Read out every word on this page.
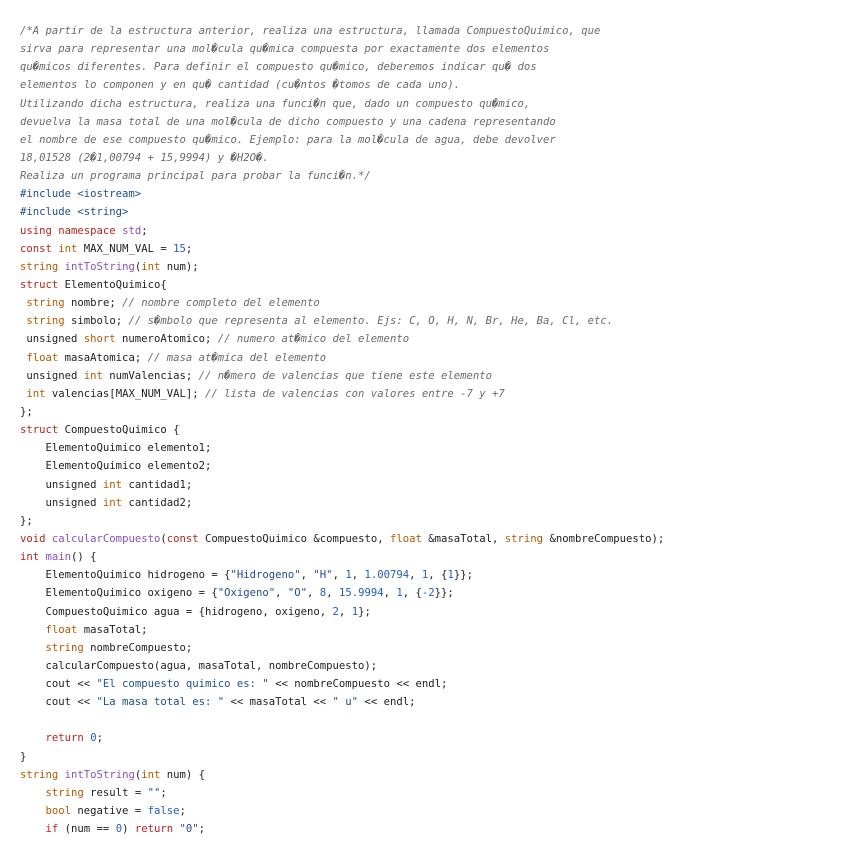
/*A partir de la estructura anterior, realiza una estructura, llamada CompuestoQuimico, que
sirva para representar una mol�cula qu�mica compuesta por exactamente dos elementos
qu�micos diferentes. Para definir el compuesto qu�mico, deberemos indicar qu� dos
elementos lo componen y en qu� cantidad (cu�ntos �tomos de cada uno).
Utilizando dicha estructura, realiza una funci�n que, dado un compuesto qu�mico,
devuelva la masa total de una mol�cula de dicho compuesto y una cadena representando
el nombre de ese compuesto qu�mico. Ejemplo: para la mol�cula de agua, debe devolver
18,01528 (2�1,00794 + 15,9994) y �H2O�.
Realiza un programa principal para probar la funci�n.*/
#include <iostream>
#include <string>
using namespace std;
const int MAX_NUM_VAL = 15;
string intToString(int num);
struct ElementoQuimico{
string nombre; // nombre completo del elemento
string simbolo; // s�mbolo que representa al elemento. Ejs: C, O, H, N, Br, He, Ba, Cl, etc.
unsigned short numeroAtomico; // numero at�mico del elemento
float masaAtomica; // masa at�mica del elemento
unsigned int numValencias; // n�mero de valencias que tiene este elemento
int valencias[MAX_NUM_VAL]; // lista de valencias con valores entre -7 y +7
};
struct CompuestoQuimico {
ElementoQuimico elemento1;
ElementoQuimico elemento2;
unsigned int cantidad1;
unsigned int cantidad2;
};
void calcularCompuesto(const CompuestoQuimico &compuesto, float &masaTotal, string &nombreCompuesto);
int main() {
ElementoQuimico hidrogeno = {"Hidrogeno", "H", 1, 1.00794, 1, {1}};
ElementoQuimico oxigeno = {"Oxigeno", "O", 8, 15.9994, 1, {-2}};
CompuestoQuimico agua = {hidrogeno, oxigeno, 2, 1};
float masaTotal;
string nombreCompuesto;
calcularCompuesto(agua, masaTotal, nombreCompuesto);
cout << "El compuesto quimico es: " << nombreCompuesto << endl;
cout << "La masa total es: " << masaTotal << " u" << endl;
return 0;
}
string intToString(int num) {
string result = "";
bool negative = false;
if (num == 0) return "0";
